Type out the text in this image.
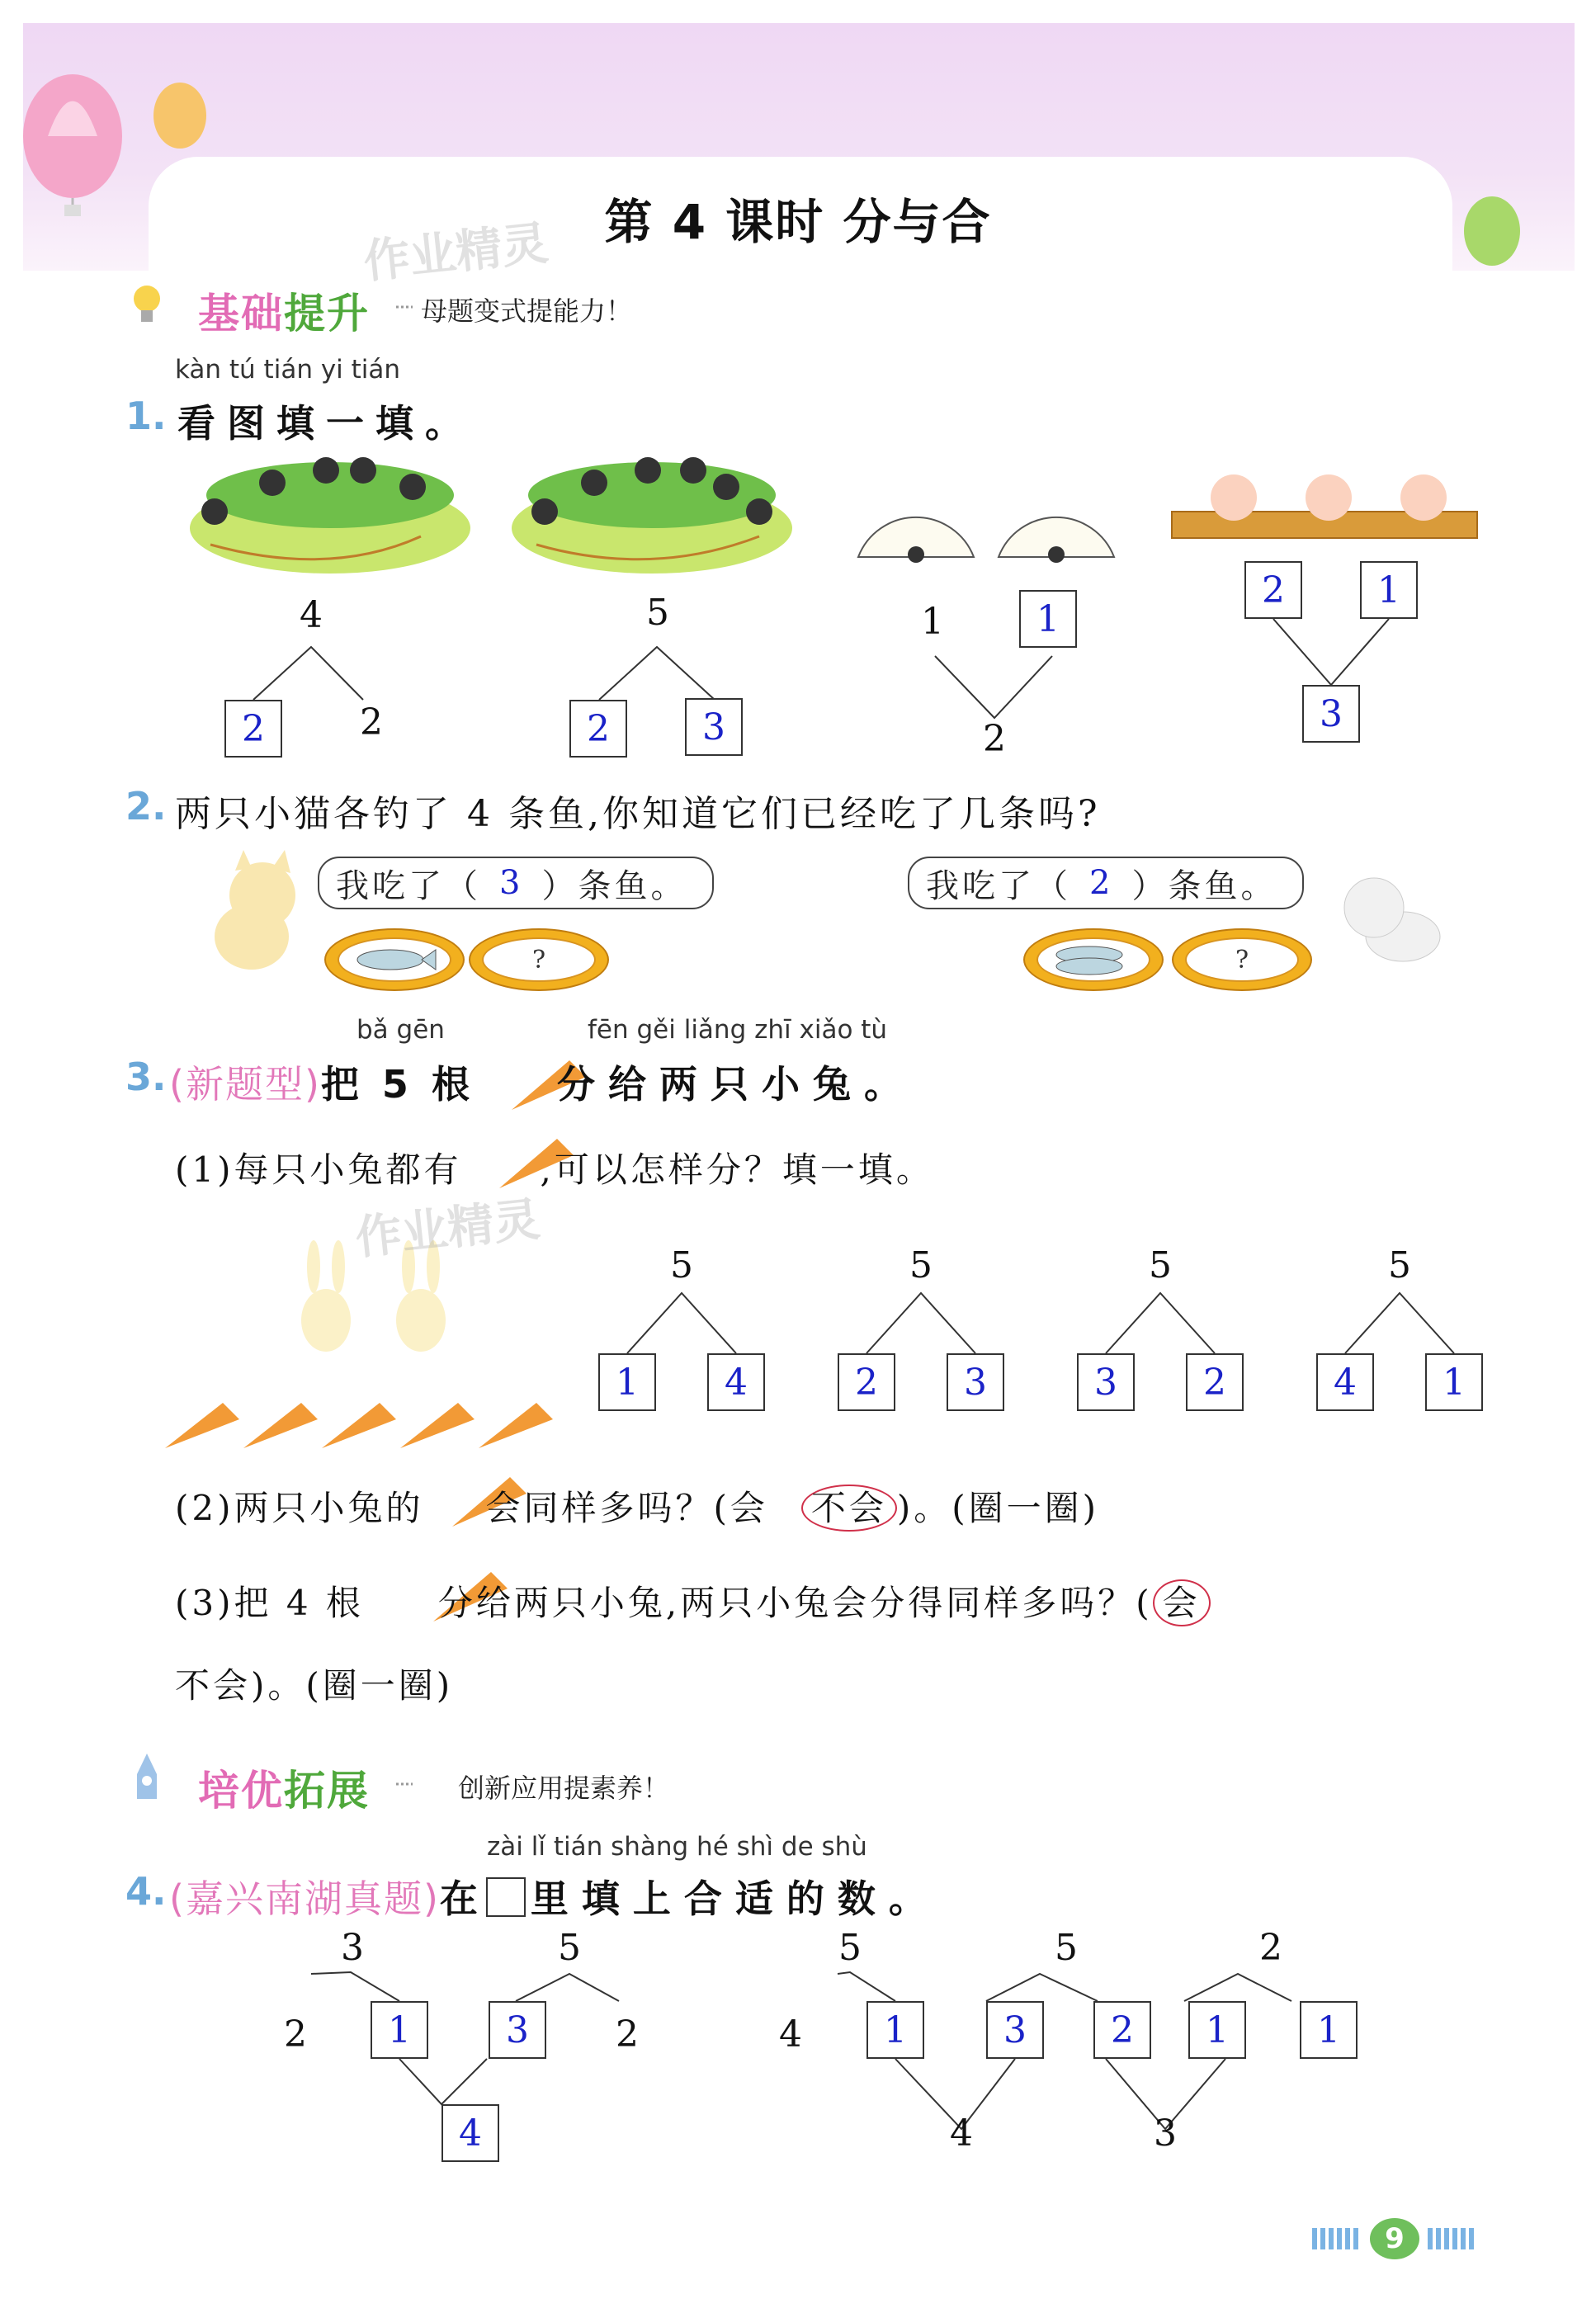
第 4 课时 分与合
作业精灵
作业精灵
基础提升 母题变式提能力！
kàn tú tián yi tián
1. 看图填一填。
4
2	2
5
2	3
1	1
2
2	1
3
2. 两只小猫各钓了 4 条鱼,你知道它们已经吃了几条吗?
我吃了（ 3 ）条鱼。	我吃了（ 2 ）条鱼。
?	?
bǎ gēn	fēn gěi liǎng zhī xiǎo tù
3. (新题型)把 5 根 分给两只小兔。
(1)每只小兔都有 ,可以怎样分？填一填。
5
1	4
5
2	3
5
3	2
5
4	1
(2)两只小兔的 会同样多吗？(会 不会 )。(圈一圈)
(3)把 4 根 分给两只小兔,两只小兔会分得同样多吗？( 会
不会)。(圈一圈)
培优拓展	创新应用提素养！
zài lǐ tián shàng hé shì de shù
4. (嘉兴南湖真题)在 里填上合适的数。
3	5
2	1	3	2
4
5	5	2
4	1	3	2	1	1
4	3
9
